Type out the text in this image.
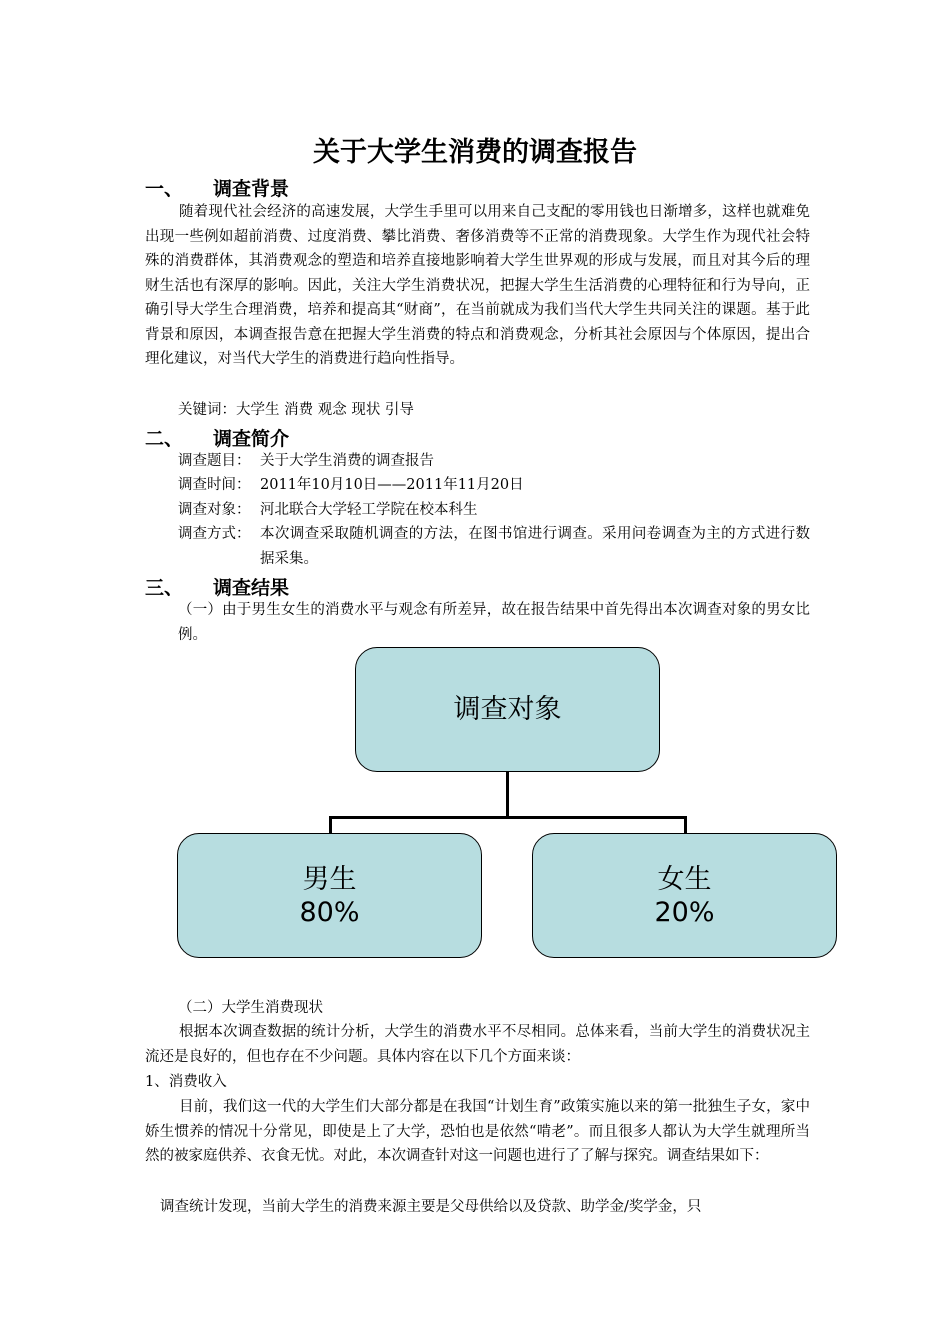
关于大学生消费的调查报告
一、 调查背景
随着现代社会经济的高速发展，大学生手里可以用来自己支配的零用钱也日渐增多，这样也就难免出现一些例如超前消费、过度消费、攀比消费、奢侈消费等不正常的消费现象。大学生作为现代社会特殊的消费群体，其消费观念的塑造和培养直接地影响着大学生世界观的形成与发展，而且对其今后的理财生活也有深厚的影响。因此，关注大学生消费状况，把握大学生生活消费的心理特征和行为导向，正确引导大学生合理消费，培养和提高其“财商”，在当前就成为我们当代大学生共同关注的课题。基于此背景和原因，本调查报告意在把握大学生消费的特点和消费观念，分析其社会原因与个体原因，提出合理化建议，对当代大学生的消费进行趋向性指导。
关键词：大学生 消费 观念 现状 引导
二、 调查简介
调查题目： 关于大学生消费的调查报告
调查时间： 2011年10月10日——2011年11月20日
调查对象： 河北联合大学轻工学院在校本科生
调查方式： 本次调查采取随机调查的方法，在图书馆进行调查。采用问卷调查为主的方式进行数据采集。
三、 调查结果
（一）由于男生女生的消费水平与观念有所差异，故在报告结果中首先得出本次调查对象的男女比例。
调查对象
男生
80%
女生
20%
（二）大学生消费现状
根据本次调查数据的统计分析，大学生的消费水平不尽相同。总体来看，当前大学生的消费状况主流还是良好的，但也存在不少问题。具体内容在以下几个方面来谈：
1、消费收入
目前，我们这一代的大学生们大部分都是在我国“计划生育”政策实施以来的第一批独生子女，家中娇生惯养的情况十分常见，即使是上了大学，恐怕也是依然“啃老”。而且很多人都认为大学生就理所当然的被家庭供养、衣食无忧。对此，本次调查针对这一问题也进行了了解与探究。调查结果如下：
调查统计发现，当前大学生的消费来源主要是父母供给以及贷款、助学金/奖学金，只
